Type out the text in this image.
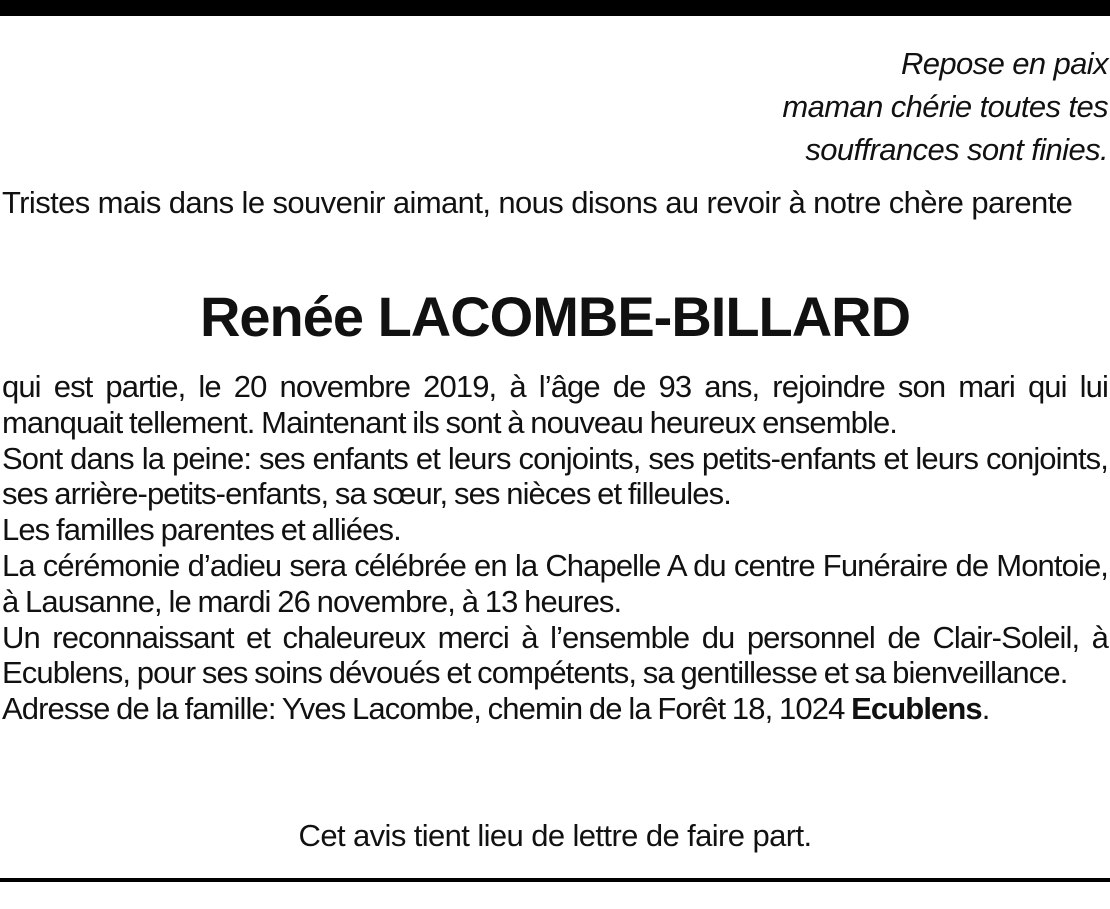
Repose en paix
maman chérie toutes tes
souffrances sont finies.
Tristes mais dans le souvenir aimant, nous disons au revoir à notre chère parente
Renée LACOMBE-BILLARD

qui est partie, le 20 novembre 2019, à l’âge de 93 ans, rejoindre son mari qui lui manquait tellement. Maintenant ils sont à nouveau heureux ensemble.

Sont dans la peine: ses enfants et leurs conjoints, ses petits-enfants et leurs conjoints, ses arrière-petits-enfants, sa sœur, ses nièces et filleules.

Les familles parentes et alliées.

La cérémonie d’adieu sera célébrée en la Chapelle A du centre Funéraire de Montoie, à Lausanne, le mardi 26 novembre, à 13 heures.

Un reconnaissant et chaleureux merci à l’ensemble du personnel de Clair-Soleil, à Ecublens, pour ses soins dévoués et compétents, sa gentillesse et sa bienveillance.

Adresse de la famille: Yves Lacombe, chemin de la Forêt 18, 1024 Ecublens.

Cet avis tient lieu de lettre de faire part.
